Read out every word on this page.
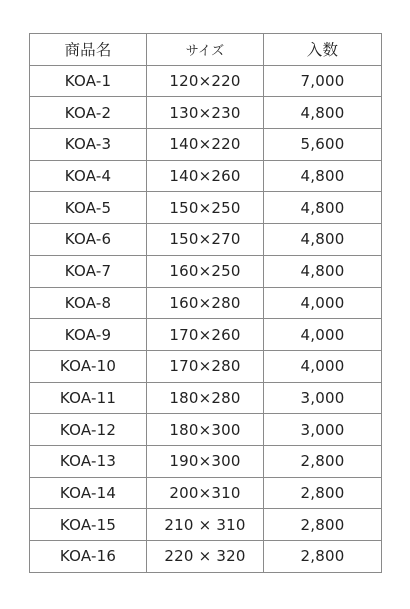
商品名	サイズ	入数
KOA-1	120×220	7,000
KOA-2	130×230	4,800
KOA-3	140×220	5,600
KOA-4	140×260	4,800
KOA-5	150×250	4,800
KOA-6	150×270	4,800
KOA-7	160×250	4,800
KOA-8	160×280	4,000
KOA-9	170×260	4,000
KOA-10	170×280	4,000
KOA-11	180×280	3,000
KOA-12	180×300	3,000
KOA-13	190×300	2,800
KOA-14	200×310	2,800
KOA-15	210 × 310	2,800
KOA-16	220 × 320	2,800
